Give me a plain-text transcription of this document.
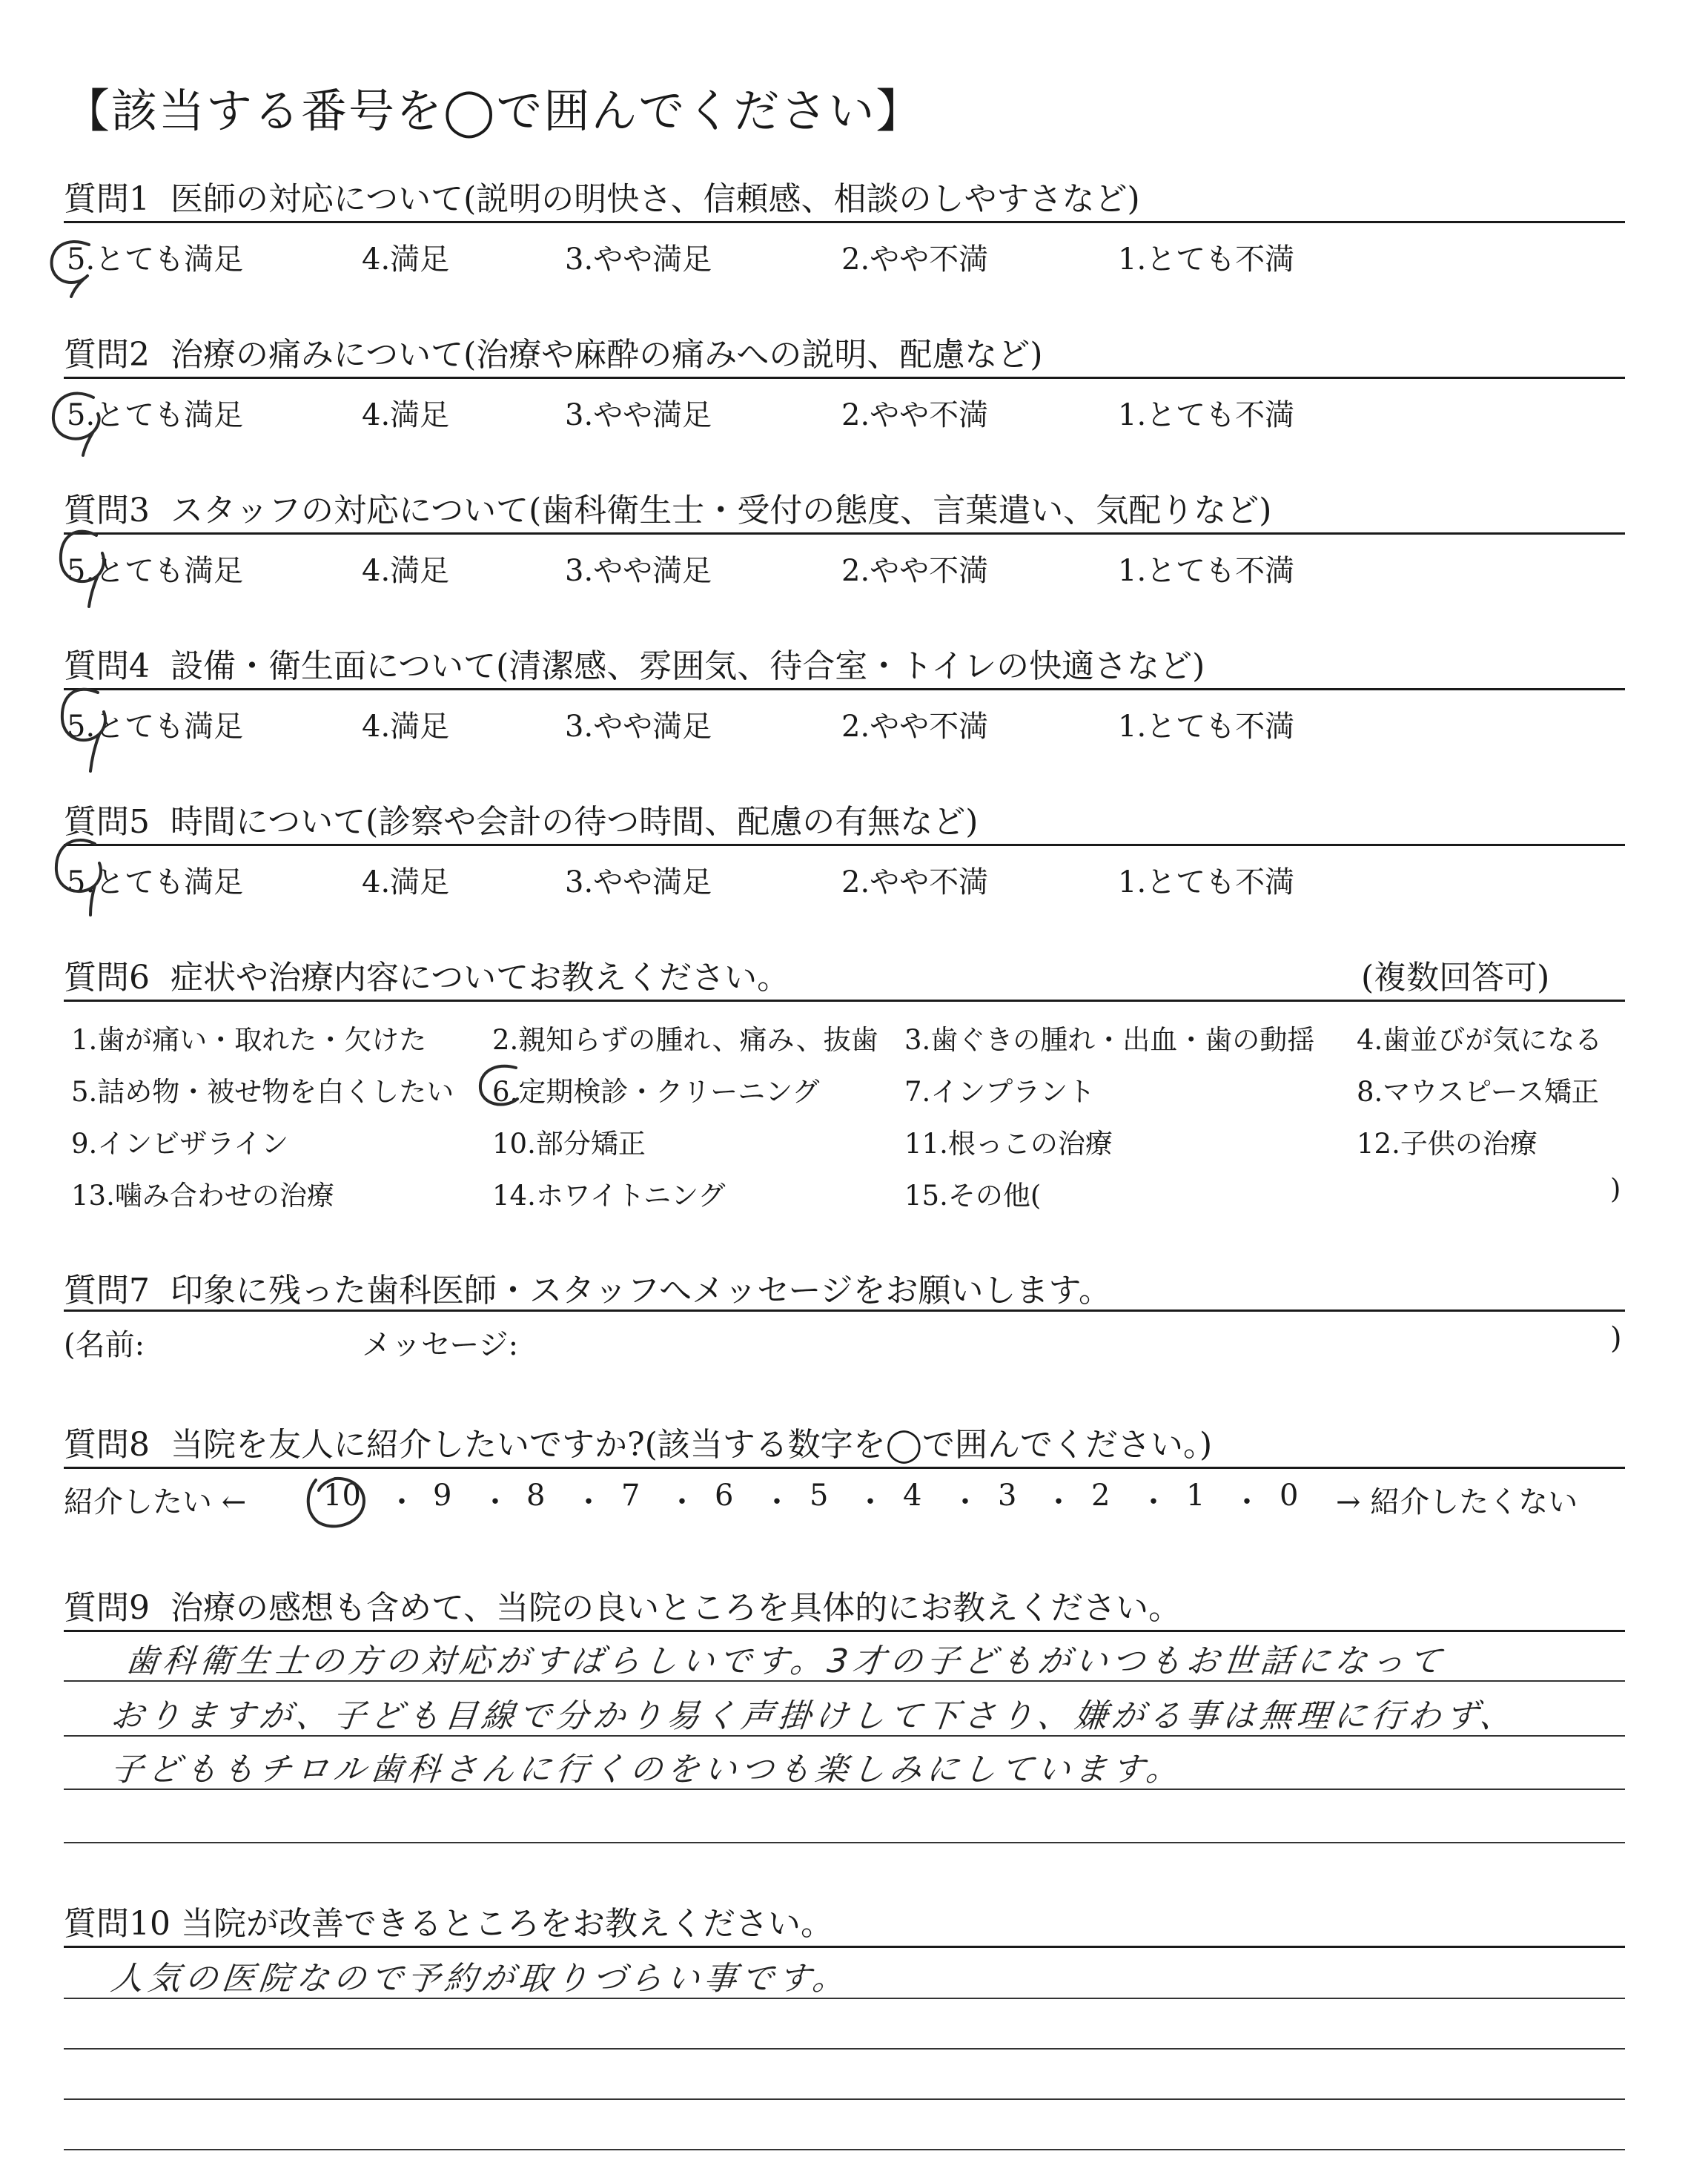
【該当する番号を◯で囲んでください】
質問1 医師の対応について(説明の明快さ、信頼感、相談のしやすさなど)
5.とても満足	4.満足	3.やや満足	2.やや不満	1.とても不満
質問2 治療の痛みについて(治療や麻酔の痛みへの説明、配慮など)
5.とても満足	4.満足	3.やや満足	2.やや不満	1.とても不満
質問3 スタッフの対応について(歯科衛生士・受付の態度、言葉遣い、気配りなど)
5.とても満足	4.満足	3.やや満足	2.やや不満	1.とても不満
質問4 設備・衛生面について(清潔感、雰囲気、待合室・トイレの快適さなど)
5.とても満足	4.満足	3.やや満足	2.やや不満	1.とても不満
質問5 時間について(診察や会計の待つ時間、配慮の有無など)
5.とても満足	4.満足	3.やや満足	2.やや不満	1.とても不満
質問6 症状や治療内容についてお教えください。	(複数回答可)
1.歯が痛い・取れた・欠けた 2.親知らずの腫れ、痛み、抜歯 3.歯ぐきの腫れ・出血・歯の動揺 4.歯並びが気になる
5.詰め物・被せ物を白くしたい 6.定期検診・クリーニング	7.インプラント	8.マウスピース矯正
9.インビザライン	10.部分矯正	11.根っこの治療	12.子供の治療
13.噛み合わせの治療	14.ホワイトニング	15.その他(	)
質問7 印象に残った歯科医師・スタッフへメッセージをお願いします。
(名前:	メッセージ:	)
質問8 当院を友人に紹介したいですか?(該当する数字を◯で囲んでください。)
紹介したい ←	10 ・ 9 ・ 8 ・ 7 ・ 6 ・ 5 ・ 4 ・ 3 ・ 2 ・ 1 ・ 0 → 紹介したくない
質問9 治療の感想も含めて、当院の良いところを具体的にお教えください。
歯科衛生士の方の対応がすばらしいです。3才の子どもがいつもお世話になって
おりますが、子ども目線で分かり易く声掛けして下さり、嫌がる事は無理に行わず、
子どももチロル歯科さんに行くのをいつも楽しみにしています。
質問10 当院が改善できるところをお教えください。
人気の医院なので予約が取りづらい事です。
